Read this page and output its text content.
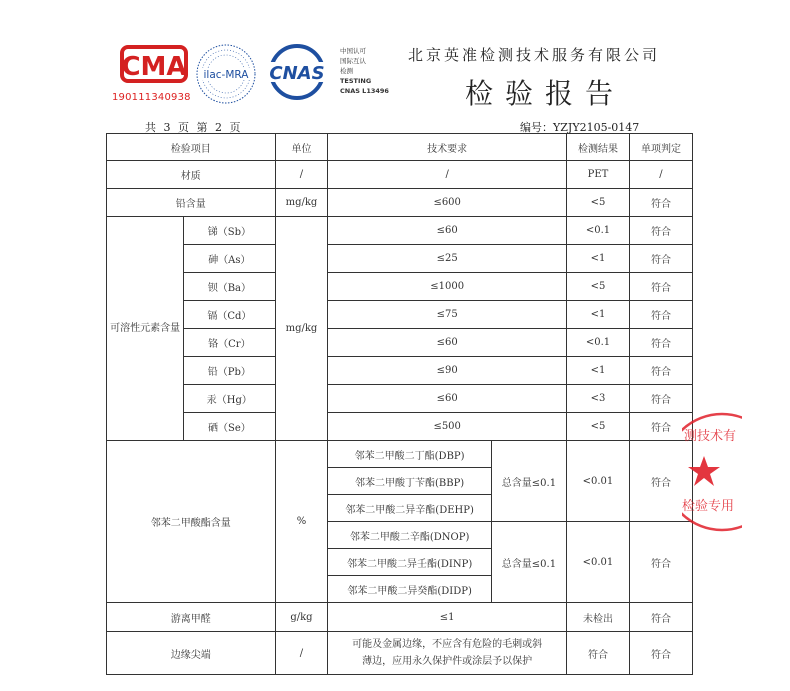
CMA
190111340938
ilac-MRA CNAS
中国认可
国际互认
检测
TESTING
CNAS L13496
北京英准检测技术服务有限公司
检验报告
共 3 页 第 2 页	编号：YZJY2105-0147
检验项目		单位	技术要求		检测结果	单项判定
材质		/	/		PET	/
铅含量		mg/kg	≤600		<5	符合
可溶性元素含量	锑（Sb）	mg/kg	≤60		<0.1	符合
	砷（As）		≤25		<1	符合
	钡（Ba）		≤1000		<5	符合
	镉（Cd）		≤75		<1	符合
	铬（Cr）		≤60		<0.1	符合
	铅（Pb）		≤90		<1	符合
	汞（Hg）		≤60		<3	符合
	硒（Se）		≤500		<5	符合
邻苯二甲酸酯含量		%	邻苯二甲酸二丁酯(DBP)	总含量≤0.1	<0.01	符合
			邻苯二甲酸丁苄酯(BBP)			
			邻苯二甲酸二异辛酯(DEHP)			
			邻苯二甲酸二辛酯(DNOP)	总含量≤0.1	<0.01	符合
			邻苯二甲酸二异壬酯(DINP)			
			邻苯二甲酸二异癸酯(DIDP)			
游离甲醛		g/kg	≤1		未检出	符合
边缘尖端		/	可能及金属边缘，不应含有危险的毛刺或斜
薄边，应用永久保护件或涂层予以保护		符合	符合
测技术有
检验专用
